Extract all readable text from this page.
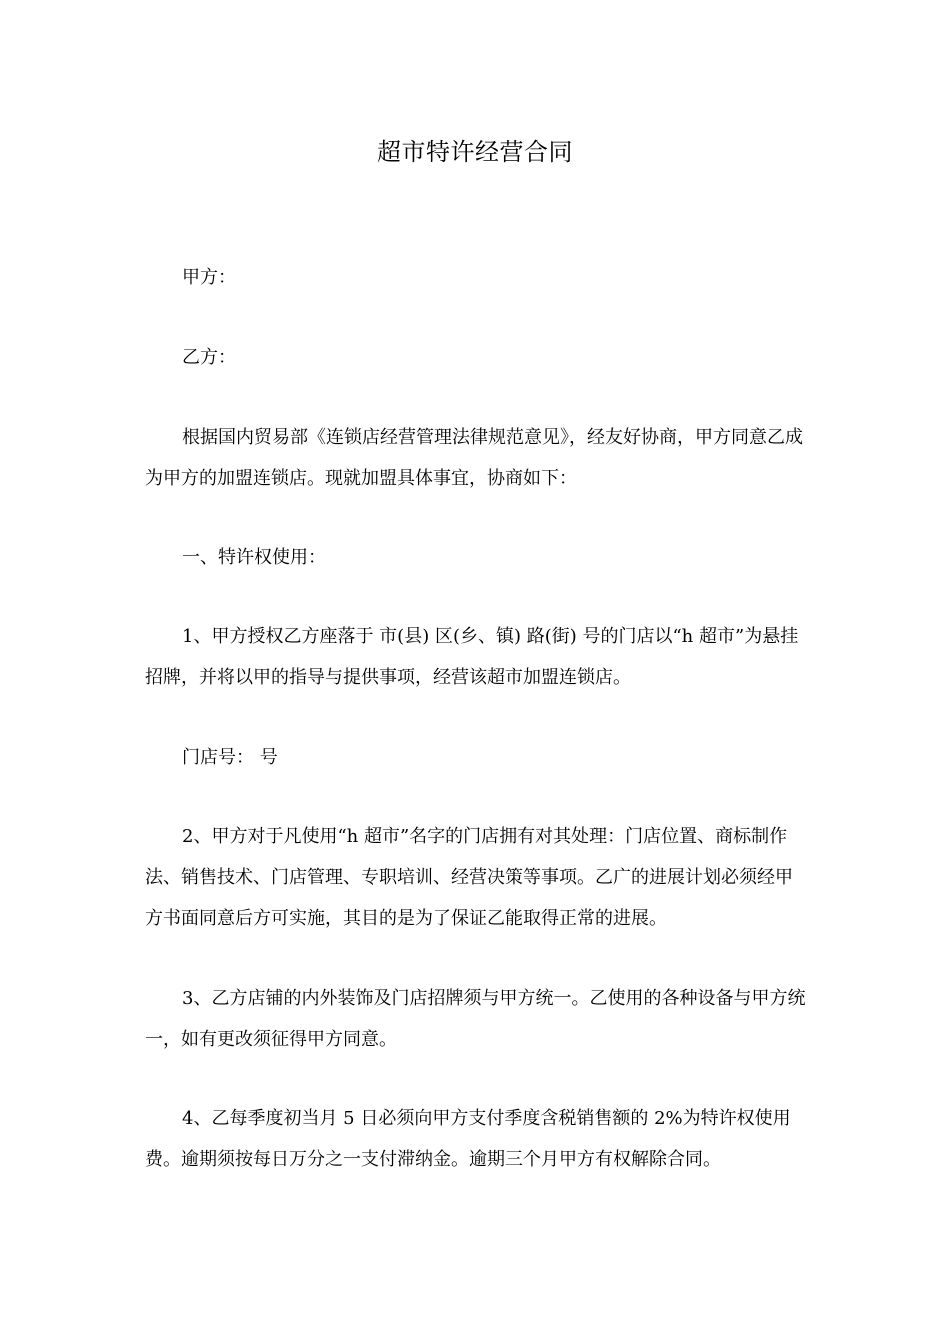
超市特许经营合同

甲方：

乙方：

根据国内贸易部《连锁店经营管理法律规范意见》，经友好协商，甲方同意乙成为甲方的加盟连锁店。现就加盟具体事宜，协商如下：

一、特许权使用：

1、甲方授权乙方座落于 市(县) 区(乡、镇) 路(街) 号的门店以“h 超市”为悬挂招牌，并将以甲的指导与提供事项，经营该超市加盟连锁店。

门店号： 号

2、甲方对于凡使用“h 超市”名字的门店拥有对其处理：门店位置、商标制作法、销售技术、门店管理、专职培训、经营决策等事项。乙广的进展计划必须经甲方书面同意后方可实施，其目的是为了保证乙能取得正常的进展。

3、乙方店铺的内外装饰及门店招牌须与甲方统一。乙使用的各种设备与甲方统一，如有更改须征得甲方同意。

4、乙每季度初当月 5 日必须向甲方支付季度含税销售额的 2%为特许权使用费。逾期须按每日万分之一支付滞纳金。逾期三个月甲方有权解除合同。
